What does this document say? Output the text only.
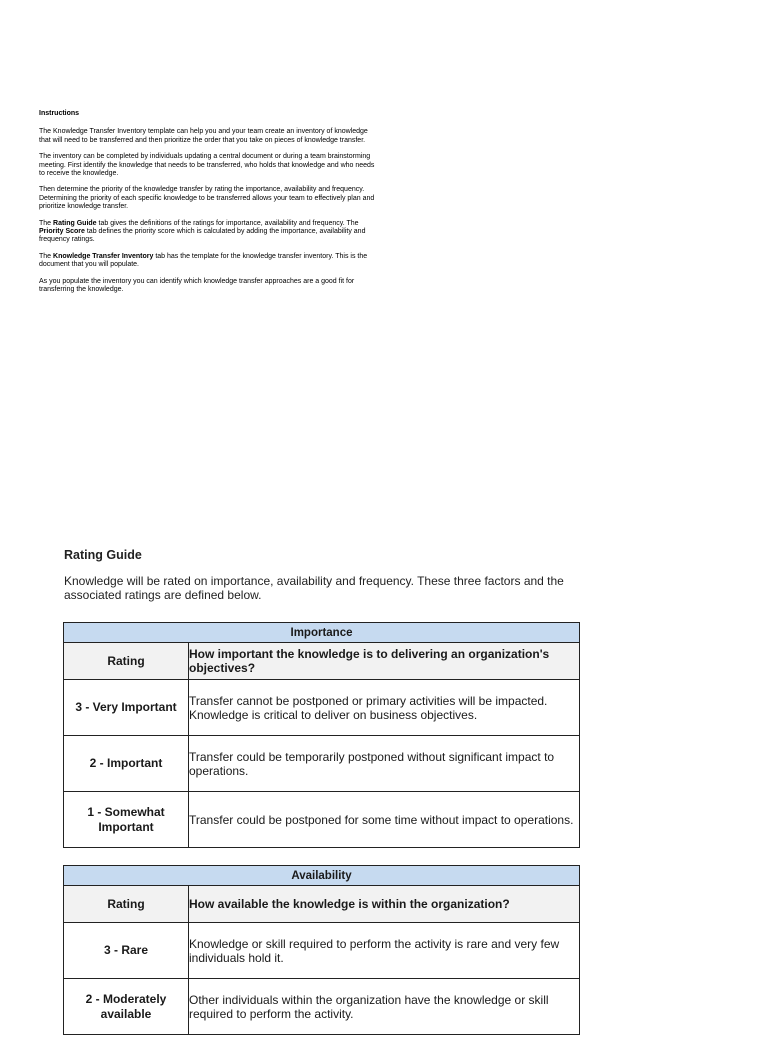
Instructions

The Knowledge Transfer Inventory template can help you and your team create an inventory of knowledge that will need to be transferred and then prioritize the order that you take on pieces of knowledge transfer.

The inventory can be completed by individuals updating a central document or during a team brainstorming meeting. First identify the knowledge that needs to be transferred, who holds that knowledge and who needs to receive the knowledge.

Then determine the priority of the knowledge transfer by rating the importance, availability and frequency. Determining the priority of each specific knowledge to be transferred allows your team to effectively plan and prioritize knowledge transfer.

The Rating Guide tab gives the definitions of the ratings for importance, availability and frequency. The Priority Score tab defines the priority score which is calculated by adding the importance, availability and frequency ratings.

The Knowledge Transfer Inventory tab has the template for the knowledge transfer inventory. This is the document that you will populate.

As you populate the inventory you can identify which knowledge transfer approaches are a good fit for transferring the knowledge.

Rating Guide
Knowledge will be rated on importance, availability and frequency. These three factors and the associated ratings are defined below.
Importance	
Rating	How important the knowledge is to delivering an organization's objectives?
3 - Very Important	Transfer cannot be postponed or primary activities will be impacted. Knowledge is critical to deliver on business objectives.
2 - Important	Transfer could be temporarily postponed without significant impact to operations.
1 - Somewhat Important	Transfer could be postponed for some time without impact to operations.
Availability	
Rating	How available the knowledge is within the organization?
3 - Rare	Knowledge or skill required to perform the activity is rare and very few individuals hold it.
2 - Moderately available	Other individuals within the organization have the knowledge or skill required to perform the activity.
